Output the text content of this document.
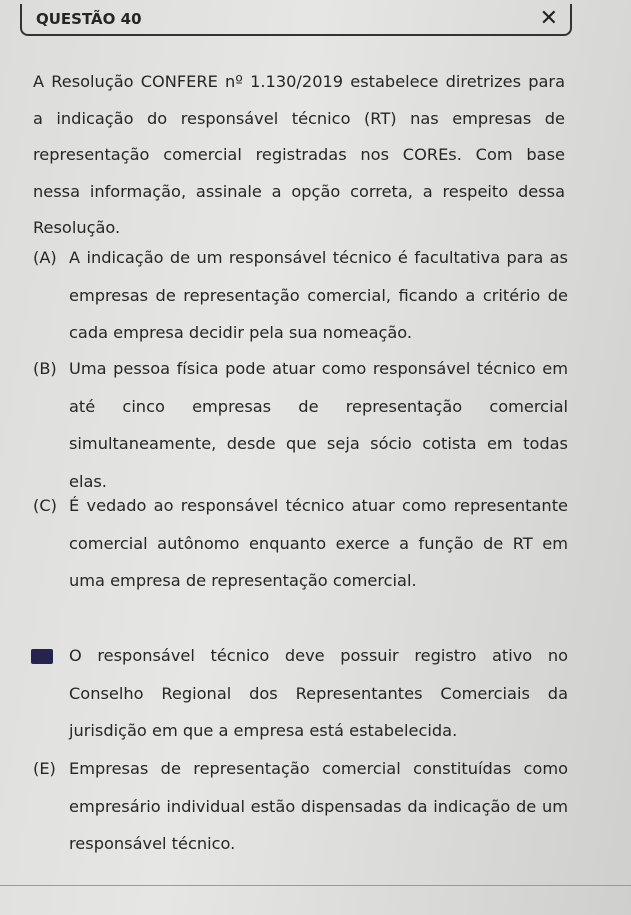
QUESTÃO 40	✕
A Resolução CONFERE nº 1.130/2019 estabelece diretrizes para a indicação do responsável técnico (RT) nas empresas de representação comercial registradas nos COREs. Com base nessa informação, assinale a opção correta, a respeito dessa Resolução.
(A) A indicação de um responsável técnico é facultativa para as empresas de representação comercial, ficando a critério de cada empresa decidir pela sua nomeação.
(B) Uma pessoa física pode atuar como responsável técnico em até cinco empresas de representação comercial simultaneamente, desde que seja sócio cotista em todas elas.
(C) É vedado ao responsável técnico atuar como representante comercial autônomo enquanto exerce a função de RT em uma empresa de representação comercial.
O responsável técnico deve possuir registro ativo no Conselho Regional dos Representantes Comerciais da jurisdição em que a empresa está estabelecida.
(E) Empresas de representação comercial constituídas como empresário individual estão dispensadas da indicação de um responsável técnico.
